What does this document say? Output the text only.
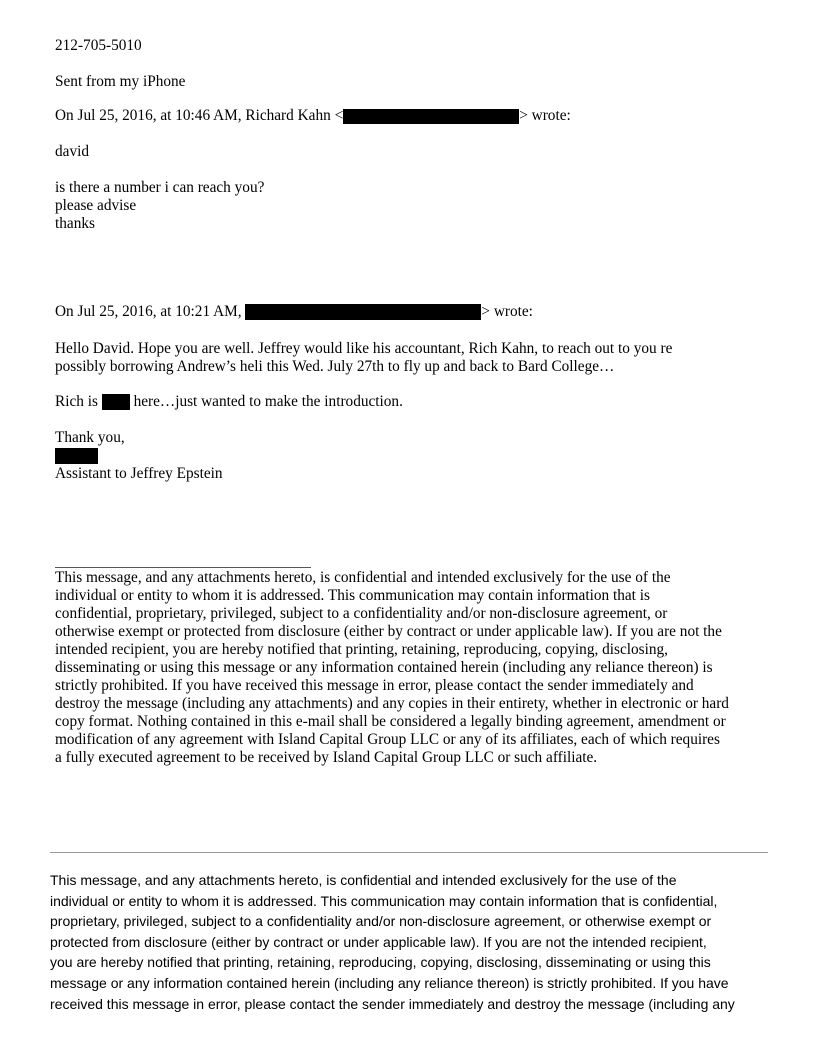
212-705-5010
Sent from my iPhone
On Jul 25, 2016, at 10:46 AM, Richard Kahn <	> wrote:
david
is there a number i can reach you?
please advise
thanks
On Jul 25, 2016, at 10:21 AM,	> wrote:
Hello David. Hope you are well. Jeffrey would like his accountant, Rich Kahn, to reach out to you re
possibly borrowing Andrew’s heli this Wed. July 27th to fly up and back to Bard College…
Rich is  here…just wanted to make the introduction.
Thank you,
Assistant to Jeffrey Epstein
This message, and any attachments hereto, is confidential and intended exclusively for the use of the
individual or entity to whom it is addressed. This communication may contain information that is
confidential, proprietary, privileged, subject to a confidentiality and/or non-disclosure agreement, or
otherwise exempt or protected from disclosure (either by contract or under applicable law). If you are not the
intended recipient, you are hereby notified that printing, retaining, reproducing, copying, disclosing,
disseminating or using this message or any information contained herein (including any reliance thereon) is
strictly prohibited. If you have received this message in error, please contact the sender immediately and
destroy the message (including any attachments) and any copies in their entirety, whether in electronic or hard
copy format. Nothing contained in this e-mail shall be considered a legally binding agreement, amendment or
modification of any agreement with Island Capital Group LLC or any of its affiliates, each of which requires
a fully executed agreement to be received by Island Capital Group LLC or such affiliate.
This message, and any attachments hereto, is confidential and intended exclusively for the use of the
individual or entity to whom it is addressed. This communication may contain information that is confidential,
proprietary, privileged, subject to a confidentiality and/or non-disclosure agreement, or otherwise exempt or
protected from disclosure (either by contract or under applicable law). If you are not the intended recipient,
you are hereby notified that printing, retaining, reproducing, copying, disclosing, disseminating or using this
message or any information contained herein (including any reliance thereon) is strictly prohibited. If you have
received this message in error, please contact the sender immediately and destroy the message (including any
